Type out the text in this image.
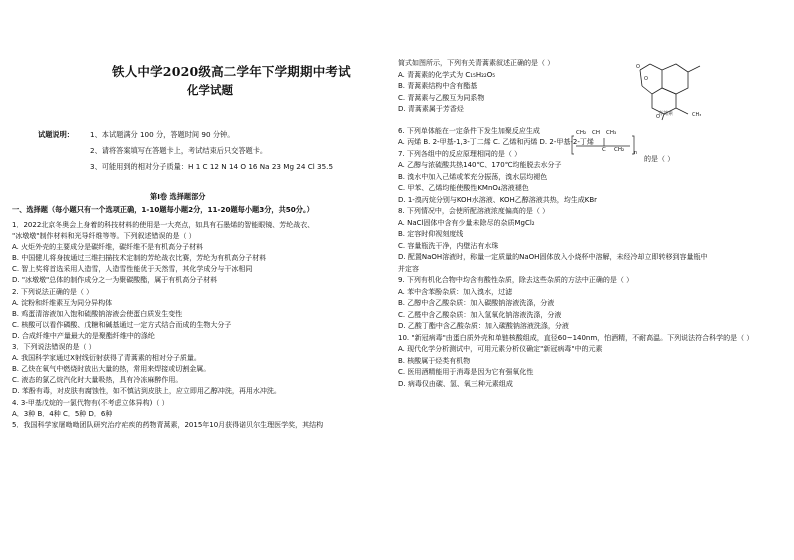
铁人中学2020级高二学年下学期期中考试
化学试题
试题说明： 1、本试题满分 100 分，答题时间 90 分钟。
2、请将答案填写在答题卡上，考试结束后只交答题卡。
3、可能用到的相对分子质量：H 1 C 12 N 14 O 16 Na 23 Mg 24 Cl 35.5
第Ⅰ卷 选择题部分
一、选择题（每小题只有一个选项正确，1-10题每小题2分，11-20题每小题3分，共50分。）
1．2022北京冬奥会上身着的科技材料的使用是一大亮点，如具有石墨烯的智能眼镜、芳纶战衣、
"冰墩墩"制作材料和光导纤维等等。下列叙述错误的是（ ）
A. 火炬外壳的主要成分是碳纤维，碳纤维不是有机高分子材料
B. 中国健儿将身披通过三维扫描技术定制的芳纶战衣比赛，芳纶为有机高分子材料
C. 智上奖将首选采用人造雪，人造雪性能优于天然雪，其化学成分与干冰相同
D. "冰墩墩"总体的制作成分之一为聚碳酸酯，属于有机高分子材料
2. 下列说法正确的是（ ）
A. 淀粉和纤维素互为同分异构体
B. 鸡蛋清溶液加入饱和硫酸钠溶液会使蛋白质发生变性
C. 核酸可以看作磷酸、戊糖和碱基通过一定方式结合而成的生物大分子
D. 合成纤维中产量最大的是聚酯纤维中的涤纶
3．下列说法错误的是（ ）
A. 我国科学家通过X射线衍射获得了青蒿素的相对分子质量。
B. 乙炔在氧气中燃烧时放出大量的热，常用来焊接或切割金属。
C. 液态的氯乙烷汽化时大量吸热，具有冷冻麻醉作用。
D. 苯酚有毒，对皮肤有腐蚀性，如不慎沾到皮肤上，应立即用乙醇冲洗，再用水冲洗。
4. 3-甲基戊烷的一氯代物有(不考虑立体异构)（ ）
A．3种 B．4种 C．5种 D．6种
5．我国科学家屠呦呦团队研究治疗疟疾的药物青蒿素，2015年10月获得诺贝尔生理医学奖，其结构
简式如图所示，下列有关青蒿素叙述正确的是（ ）
A. 青蒿素的化学式为 C₁₅H₂₂O₅
B. 青蒿素结构中含有酯基
C. 青蒿素与乙酸互为同系物
D. 青蒿素属于芳香烃
6. 下列单体能在一定条件下发生加聚反应生成
A. 丙烯 B. 2-甲基-1,3-丁二烯 C. 乙烯和丙烯 D. 2-甲基-2-丁烯
7. 下列各组中的反应原理相同的是（ ）
A. 乙醇与浓硫酸共热140℃、170℃均能脱去水分子
B. 溴水中加入己烯或苯充分振荡，溴水层均褪色
C. 甲苯、乙烯均能使酸性KMnO₄溶液褪色
D. 1-溴丙烷分别与KOH水溶液、KOH乙醇溶液共热，均生成KBr
8. 下列情况中，会使所配溶液浓度偏高的是（ ）
A. NaCl固体中含有少量未除尽的杂质MgCl₂
B. 定容时仰视刻度线
C. 容量瓶洗干净，内壁沾有水珠
D. 配置NaOH溶液时，称量一定质量的NaOH固体放入小烧杯中溶解，未经冷却立即转移到容量瓶中
并定容
9. 下列有机化合物中均含有酸性杂质，除去这些杂质的方法中正确的是（ ）
A. 苯中含苯酚杂质：加入溴水，过滤
B. 乙醇中含乙酸杂质：加入碳酸钠溶液洗涤，分液
C. 乙醛中含乙酸杂质：加入氢氧化钠溶液洗涤，分液
D. 乙酸丁酯中含乙酸杂质：加入碳酸钠溶液洗涤，分液
10. "新冠病毒"由蛋白质外壳和单链核酸组成，直径60~140nm，怕酒精，不耐高温。下列说法符合科学的是（ ）
A. 现代化学分析测试中，可用元素分析仪确定"新冠病毒"中的元素
B. 核酸属于烃类有机物
C. 医用酒精能用于消毒是因为它有强氧化性
D. 病毒仅由碳、氢、氧三种元素组成
O
O
O	CH₃
青蒿素
CH₂ CH CH₃
C CH₂ n
的是（ ）
